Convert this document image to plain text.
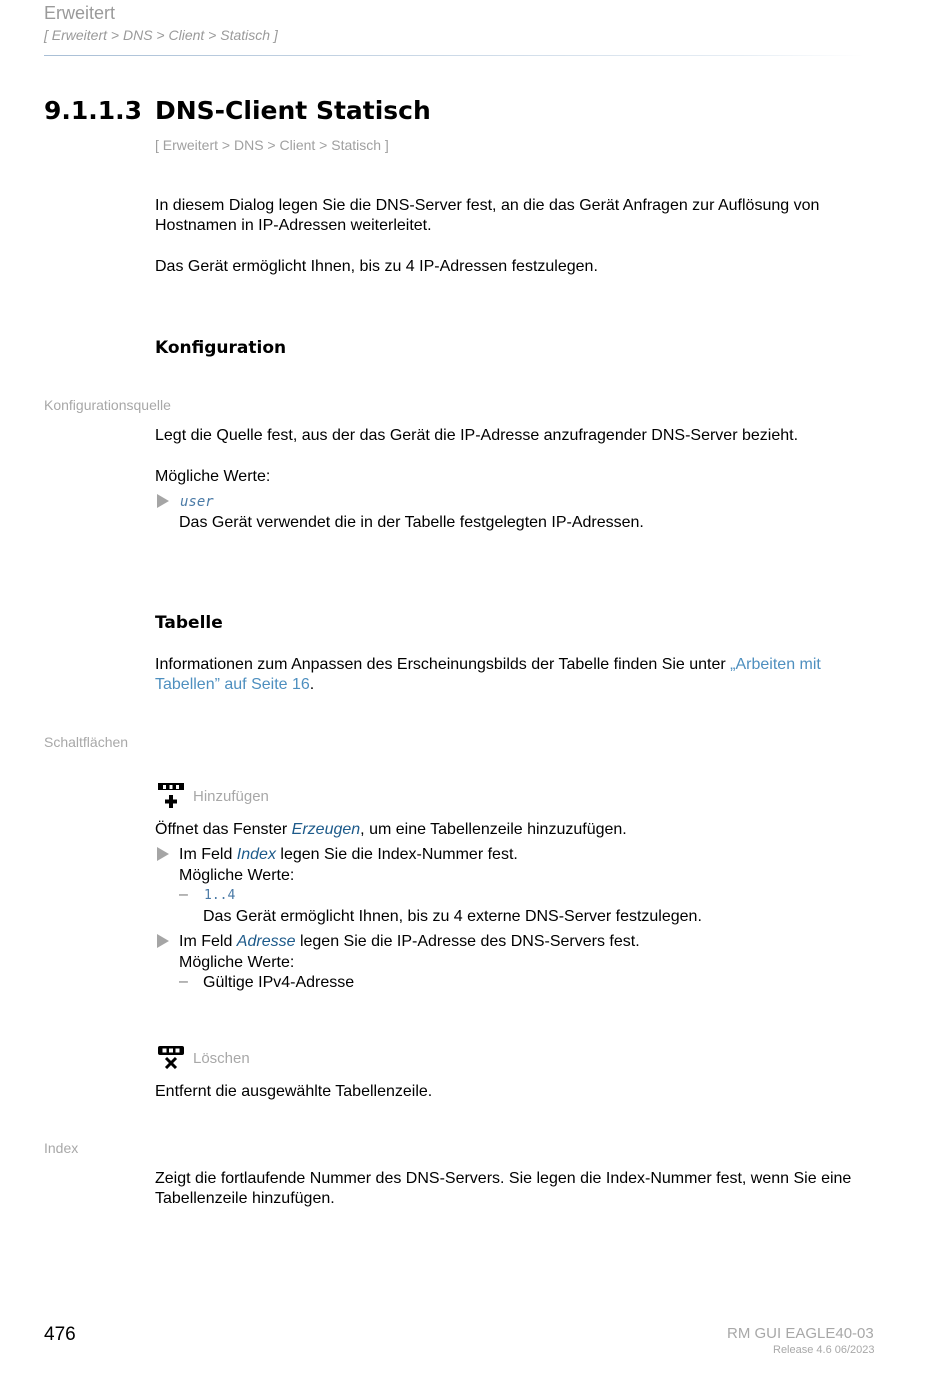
Erweitert
[ Erweitert > DNS > Client > Statisch ]
9.1.1.3 DNS-Client Statisch
[ Erweitert > DNS > Client > Statisch ]
In diesem Dialog legen Sie die DNS-Server fest, an die das Gerät Anfragen zur Auflösung von Hostnamen in IP-Adressen weiterleitet.
Das Gerät ermöglicht Ihnen, bis zu 4 IP-Adressen festzulegen.
Konfiguration
Konfigurationsquelle
Legt die Quelle fest, aus der das Gerät die IP-Adresse anzufragender DNS-Server bezieht.
Mögliche Werte:
user
Das Gerät verwendet die in der Tabelle festgelegten IP-Adressen.
Tabelle
Informationen zum Anpassen des Erscheinungsbilds der Tabelle finden Sie unter „Arbeiten mit Tabellen” auf Seite 16.
Schaltflächen
Hinzufügen
Öffnet das Fenster Erzeugen, um eine Tabellenzeile hinzuzufügen.
Im Feld Index legen Sie die Index-Nummer fest.
Mögliche Werte:
– 1..4
Das Gerät ermöglicht Ihnen, bis zu 4 externe DNS-Server festzulegen.
Im Feld Adresse legen Sie die IP-Adresse des DNS-Servers fest.
Mögliche Werte:
– Gültige IPv4-Adresse
Löschen
Entfernt die ausgewählte Tabellenzeile.
Index
Zeigt die fortlaufende Nummer des DNS-Servers. Sie legen die Index-Nummer fest, wenn Sie eine Tabellenzeile hinzufügen.
476	RM GUI EAGLE40-03
Release 4.6 06/2023
